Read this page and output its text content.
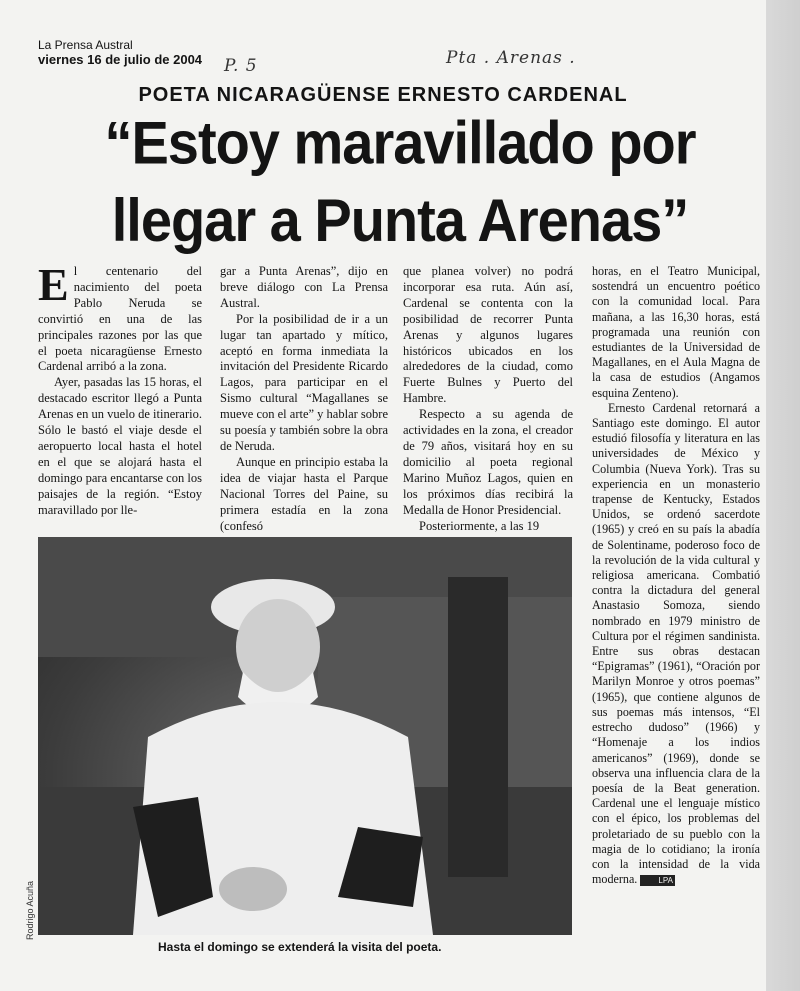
La Prensa Austral
viernes 16 de julio de 2004 P. 5	Pta . Arenas .
POETA NICARAGÜENSE ERNESTO CARDENAL
“Estoy maravillado por
llegar a Punta Arenas”

El centenario del nacimiento del poeta Pablo Neruda se convirtió en una de las principales razones por las que el poeta nicaragüense Ernesto Cardenal arribó a la zona.

Ayer, pasadas las 15 horas, el destacado escritor llegó a Punta Arenas en un vuelo de itinerario. Sólo le bastó el viaje desde el aeropuerto local hasta el hotel en el que se alojará hasta el domingo para encantarse con los paisajes de la región. “Estoy maravillado por lle-

gar a Punta Arenas”, dijo en breve diálogo con La Prensa Austral.

Por la posibilidad de ir a un lugar tan apartado y mítico, aceptó en forma inmediata la invitación del Presidente Ricardo Lagos, para participar en el Sismo cultural “Magallanes se mueve con el arte” y hablar sobre su poesía y también sobre la obra de Neruda.

Aunque en principio estaba la idea de viajar hasta el Parque Nacional Torres del Paine, su primera estadía en la zona (confesó

que planea volver) no podrá incorporar esa ruta. Aún así, Cardenal se contenta con la posibilidad de recorrer Punta Arenas y algunos lugares históricos ubicados en los alrededores de la ciudad, como Fuerte Bulnes y Puerto del Hambre.

Respecto a su agenda de actividades en la zona, el creador de 79 años, visitará hoy en su domicilio al poeta regional Marino Muñoz Lagos, quien en los próximos días recibirá la Medalla de Honor Presidencial.

Posteriormente, a las 19

horas, en el Teatro Municipal, sostendrá un encuentro poético con la comunidad local. Para mañana, a las 16,30 horas, está programada una reunión con estudiantes de la Universidad de Magallanes, en el Aula Magna de la casa de estudios (Angamos esquina Zenteno).

Ernesto Cardenal retornará a Santiago este domingo. El autor estudió filosofía y literatura en las universidades de México y Columbia (Nueva York). Tras su experiencia en un monasterio trapense de Kentucky, Estados Unidos, se ordenó sacerdote (1965) y creó en su país la abadía de Solentiname, poderoso foco de la revolución de la vida cultural y religiosa americana. Combatió contra la dictadura del general Anastasio Somoza, siendo nombrado en 1979 ministro de Cultura por el régimen sandinista. Entre sus obras destacan “Epigramas” (1961), “Oración por Marilyn Monroe y otros poemas” (1965), que contiene algunos de sus poemas más intensos, “El estrecho dudoso” (1966) y “Homenaje a los indios americanos” (1969), donde se observa una influencia clara de la poesía de la Beat generation. Cardenal une el lenguaje místico con el épico, los problemas del proletariado de su pueblo con la magia de lo cotidiano; la ironía con la intensidad de la vida moderna.	LPA

Rodrigo Acuña
Hasta el domingo se extenderá la visita del poeta.
